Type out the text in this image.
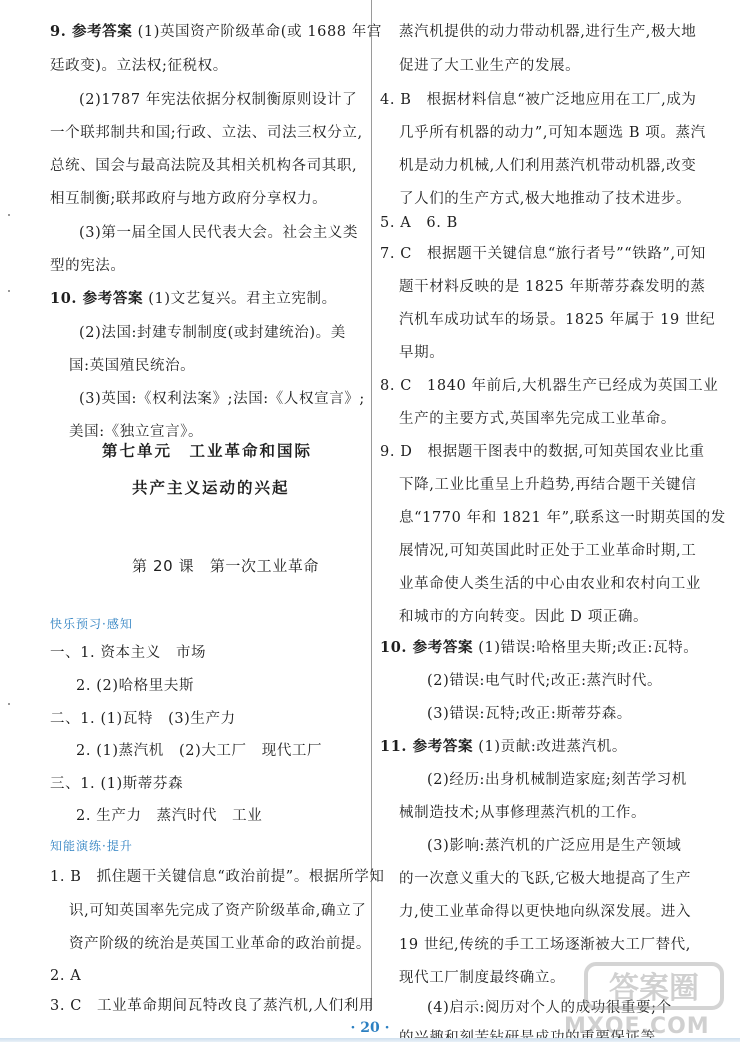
9. 参考答案 (1)英国资产阶级革命(或 1688 年宫
廷政变)。立法权;征税权。
(2)1787 年宪法依据分权制衡原则设计了
一个联邦制共和国;行政、立法、司法三权分立,
总统、国会与最高法院及其相关机构各司其职,
相互制衡;联邦政府与地方政府分享权力。
(3)第一届全国人民代表大会。社会主义类
型的宪法。
10. 参考答案 (1)文艺复兴。君主立宪制。
(2)法国:封建专制制度(或封建统治)。美
国:英国殖民统治。
(3)英国:《权利法案》;法国:《人权宣言》;
美国:《独立宣言》。
第七单元　工业革命和国际
共产主义运动的兴起
第 20 课　第一次工业革命
快乐预习·感知
一、1. 资本主义　市场
2. (2)哈格里夫斯
二、1. (1)瓦特　(3)生产力
2. (1)蒸汽机　(2)大工厂　现代工厂
三、1. (1)斯蒂芬森
2. 生产力　蒸汽时代　工业
知能演练·提升
1. B　抓住题干关键信息“政治前提”。根据所学知
识,可知英国率先完成了资产阶级革命,确立了
资产阶级的统治是英国工业革命的政治前提。
2. A
3. C　工业革命期间瓦特改良了蒸汽机,人们利用
蒸汽机提供的动力带动机器,进行生产,极大地
促进了大工业生产的发展。
4. B　根据材料信息“被广泛地应用在工厂,成为
几乎所有机器的动力”,可知本题选 B 项。蒸汽
机是动力机械,人们利用蒸汽机带动机器,改变
了人们的生产方式,极大地推动了技术进步。
5. A　6. B
7. C　根据题干关键信息“旅行者号”“铁路”,可知
题干材料反映的是 1825 年斯蒂芬森发明的蒸
汽机车成功试车的场景。1825 年属于 19 世纪
早期。
8. C　1840 年前后,大机器生产已经成为英国工业
生产的主要方式,英国率先完成工业革命。
9. D　根据题干图表中的数据,可知英国农业比重
下降,工业比重呈上升趋势,再结合题干关键信
息“1770 年和 1821 年”,联系这一时期英国的发
展情况,可知英国此时正处于工业革命时期,工
业革命使人类生活的中心由农业和农村向工业
和城市的方向转变。因此 D 项正确。
10. 参考答案 (1)错误:哈格里夫斯;改正:瓦特。
(2)错误:电气时代;改正:蒸汽时代。
(3)错误:瓦特;改正:斯蒂芬森。
11. 参考答案 (1)贡献:改进蒸汽机。
(2)经历:出身机械制造家庭;刻苦学习机
械制造技术;从事修理蒸汽机的工作。
(3)影响:蒸汽机的广泛应用是生产领域
的一次意义重大的飞跃,它极大地提高了生产
力,使工业革命得以更快地向纵深发展。进入
19 世纪,传统的手工工场逐渐被大工厂替代,
现代工厂制度最终确立。
(4)启示:阅历对个人的成功很重要;个
· 20 ·
答案圈
MXQE.COM
